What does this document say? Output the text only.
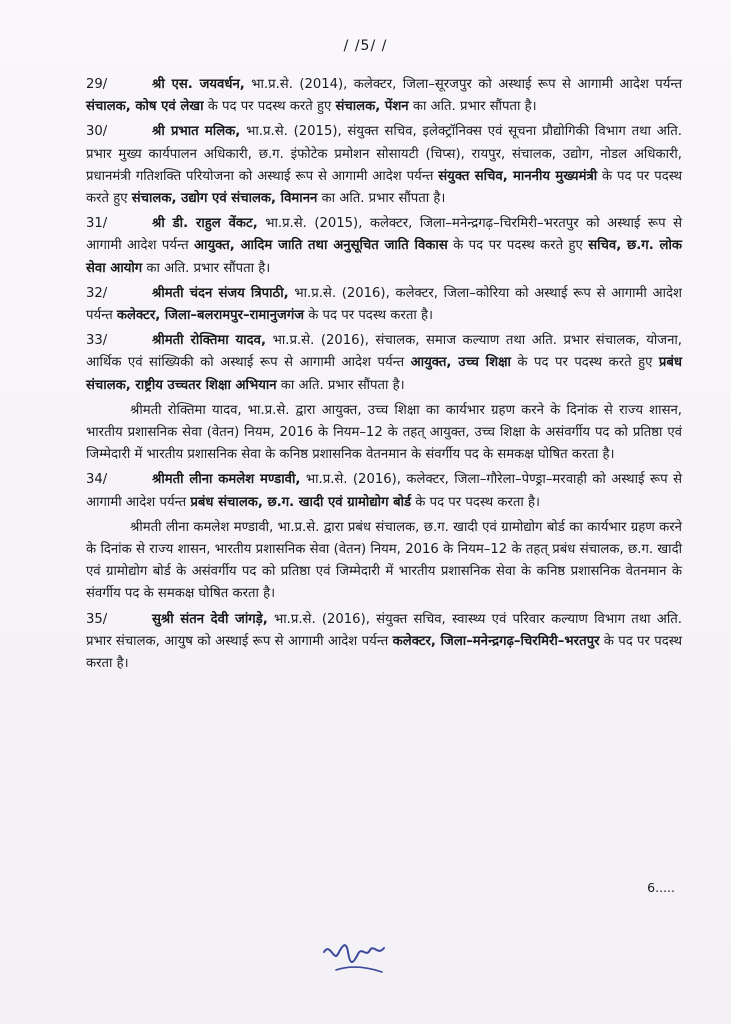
/ /5/ /

29/	श्री एस. जयवर्धन, भा.प्र.से. (2014), कलेक्टर, जिला–सूरजपुर को अस्थाई रूप से आगामी आदेश पर्यन्त संचालक, कोष एवं लेखा के पद पर पदस्थ करते हुए संचालक, पेंशन का अति. प्रभार सौंपता है।

30/	श्री प्रभात मलिक, भा.प्र.से. (2015), संयुक्त सचिव, इलेक्ट्रॉनिक्स एवं सूचना प्रौद्योगिकी विभाग तथा अति. प्रभार मुख्य कार्यपालन अधिकारी, छ.ग. इंफोटेक प्रमोशन सोसायटी (चिप्स), रायपुर, संचालक, उद्योग, नोडल अधिकारी, प्रधानमंत्री गतिशक्ति परियोजना को अस्थाई रूप से आगामी आदेश पर्यन्त संयुक्त सचिव, माननीय मुख्यमंत्री के पद पर पदस्थ करते हुए संचालक, उद्योग एवं संचालक, विमानन का अति. प्रभार सौंपता है।

31/	श्री डी. राहुल वेंकट, भा.प्र.से. (2015), कलेक्टर, जिला–मनेन्द्रगढ़–चिरमिरी–भरतपुर को अस्थाई रूप से आगामी आदेश पर्यन्त आयुक्त, आदिम जाति तथा अनुसूचित जाति विकास के पद पर पदस्थ करते हुए सचिव, छ.ग. लोक सेवा आयोग का अति. प्रभार सौंपता है।

32/	श्रीमती चंदन संजय त्रिपाठी, भा.प्र.से. (2016), कलेक्टर, जिला–कोरिया को अस्थाई रूप से आगामी आदेश पर्यन्त कलेक्टर, जिला–बलरामपुर–रामानुजगंज के पद पर पदस्थ करता है।

33/	श्रीमती रोक्तिमा यादव, भा.प्र.से. (2016), संचालक, समाज कल्याण तथा अति. प्रभार संचालक, योजना, आर्थिक एवं सांख्यिकी को अस्थाई रूप से आगामी आदेश पर्यन्त आयुक्त, उच्च शिक्षा के पद पर पदस्थ करते हुए प्रबंध संचालक, राष्ट्रीय उच्चतर शिक्षा अभियान का अति. प्रभार सौंपता है।

श्रीमती रोक्तिमा यादव, भा.प्र.से. द्वारा आयुक्त, उच्च शिक्षा का कार्यभार ग्रहण करने के दिनांक से राज्य शासन, भारतीय प्रशासनिक सेवा (वेतन) नियम, 2016 के नियम–12 के तहत् आयुक्त, उच्च शिक्षा के असंवर्गीय पद को प्रतिष्ठा एवं जिम्मेदारी में भारतीय प्रशासनिक सेवा के कनिष्ठ प्रशासनिक वेतनमान के संवर्गीय पद के समकक्ष घोषित करता है।

34/	श्रीमती लीना कमलेश मण्डावी, भा.प्र.से. (2016), कलेक्टर, जिला–गौरेला–पेण्ड्रा–मरवाही को अस्थाई रूप से आगामी आदेश पर्यन्त प्रबंध संचालक, छ.ग. खादी एवं ग्रामोद्योग बोर्ड के पद पर पदस्थ करता है।

श्रीमती लीना कमलेश मण्डावी, भा.प्र.से. द्वारा प्रबंध संचालक, छ.ग. खादी एवं ग्रामोद्योग बोर्ड का कार्यभार ग्रहण करने के दिनांक से राज्य शासन, भारतीय प्रशासनिक सेवा (वेतन) नियम, 2016 के नियम–12 के तहत् प्रबंध संचालक, छ.ग. खादी एवं ग्रामोद्योग बोर्ड के असंवर्गीय पद को प्रतिष्ठा एवं जिम्मेदारी में भारतीय प्रशासनिक सेवा के कनिष्ठ प्रशासनिक वेतनमान के संवर्गीय पद के समकक्ष घोषित करता है।

35/	सुश्री संतन देवी जांगड़े, भा.प्र.से. (2016), संयुक्त सचिव, स्वास्थ्य एवं परिवार कल्याण विभाग तथा अति. प्रभार संचालक, आयुष को अस्थाई रूप से आगामी आदेश पर्यन्त कलेक्टर, जिला–मनेन्द्रगढ़–चिरमिरी–भरतपुर के पद पर पदस्थ करता है।

6.....
